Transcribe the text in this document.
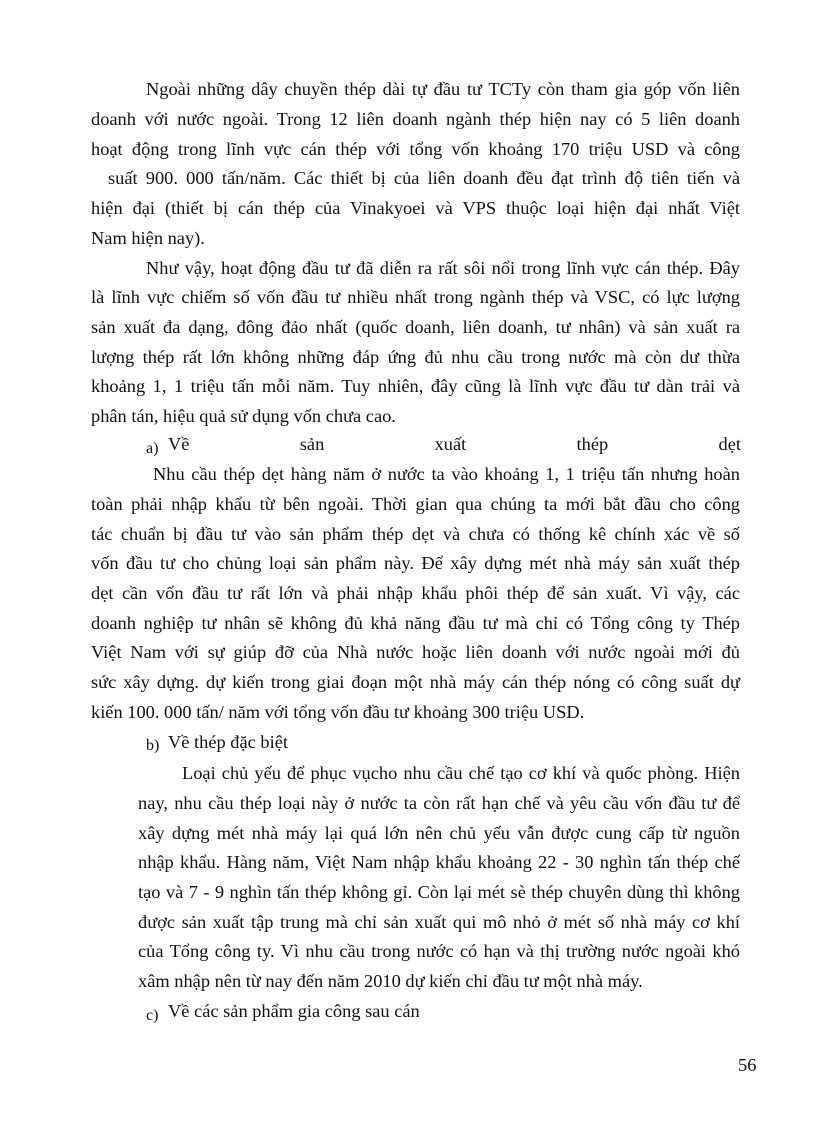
Ngoài những dây chuyền thép dài tự đầu tư TCTy còn tham gia góp vốn liên
doanh với nước ngoài. Trong 12 liên doanh ngành thép hiện nay có 5 liên doanh
hoạt động trong lĩnh vực cán thép với tổng vốn khoảng 170 triệu USD và công
suất 900. 000 tấn/năm. Các thiết bị của liên doanh đều đạt trình độ tiên tiến và
hiện đại (thiết bị cán thép của Vinakyoei và VPS thuộc loại hiện đại nhất Việt
Nam hiện nay).
Như vậy, hoạt động đầu tư đã diễn ra rất sôi nổi trong lĩnh vực cán thép. Đây
là lĩnh vực chiếm số vốn đầu tư nhiều nhất trong ngành thép và VSC, có lực lượng
sản xuất đa dạng, đông đảo nhất (quốc doanh, liên doanh, tư nhân) và sản xuất ra
lượng thép rất lớn không những đáp ứng đủ nhu cầu trong nước mà còn dư thừa
khoảng 1, 1 triệu tấn mỗi năm. Tuy nhiên, đây cũng là lĩnh vực đầu tư dàn trải và
phân tán, hiệu quả sử dụng vốn chưa cao.
a) Về	sản	xuất	thép	dẹt
Nhu cầu thép dẹt hàng năm ở nước ta vào khoảng 1, 1 triệu tấn nhưng hoàn
toàn phải nhập khẩu từ bên ngoài. Thời gian qua chúng ta mới bắt đầu cho công
tác chuẩn bị đầu tư vào sản phẩm thép dẹt và chưa có thống kê chính xác về số
vốn đầu tư cho chủng loại sản phẩm này. Để xây dựng mét nhà máy sản xuất thép
dẹt cần vốn đầu tư rất lớn và phải nhập khẩu phôi thép để sản xuất. Vì vậy, các
doanh nghiệp tư nhân sẽ không đủ khả năng đầu tư mà chỉ có Tổng công ty Thép
Việt Nam với sự giúp đỡ của Nhà nước hoặc liên doanh với nước ngoài mới đủ
sức xây dựng. dự kiến trong giai đoạn một nhà máy cán thép nóng có công suất dự
kiến 100. 000 tấn/ năm với tổng vốn đầu tư khoảng 300 triệu USD.
b) Về thép đặc biệt
Loại chủ yếu để phục vụcho nhu cầu chế tạo cơ khí và quốc phòng. Hiện
nay, nhu cầu thép loại này ở nước ta còn rất hạn chế và yêu cầu vốn đầu tư để
xây dựng mét nhà máy lại quá lớn nên chủ yếu vẫn được cung cấp từ nguồn
nhập khẩu. Hàng năm, Việt Nam nhập khẩu khoảng 22 - 30 nghìn tấn thép chế
tạo và 7 - 9 nghìn tấn thép không gỉ. Còn lại mét sè thép chuyên dùng thì không
được sản xuất tập trung mà chỉ sản xuất qui mô nhỏ ở mét số nhà máy cơ khí
của Tổng công ty. Vì nhu cầu trong nước có hạn và thị trường nước ngoài khó
xâm nhập nên từ nay đến năm 2010 dự kiến chỉ đầu tư một nhà máy.
c) Về các sản phẩm gia công sau cán
56
